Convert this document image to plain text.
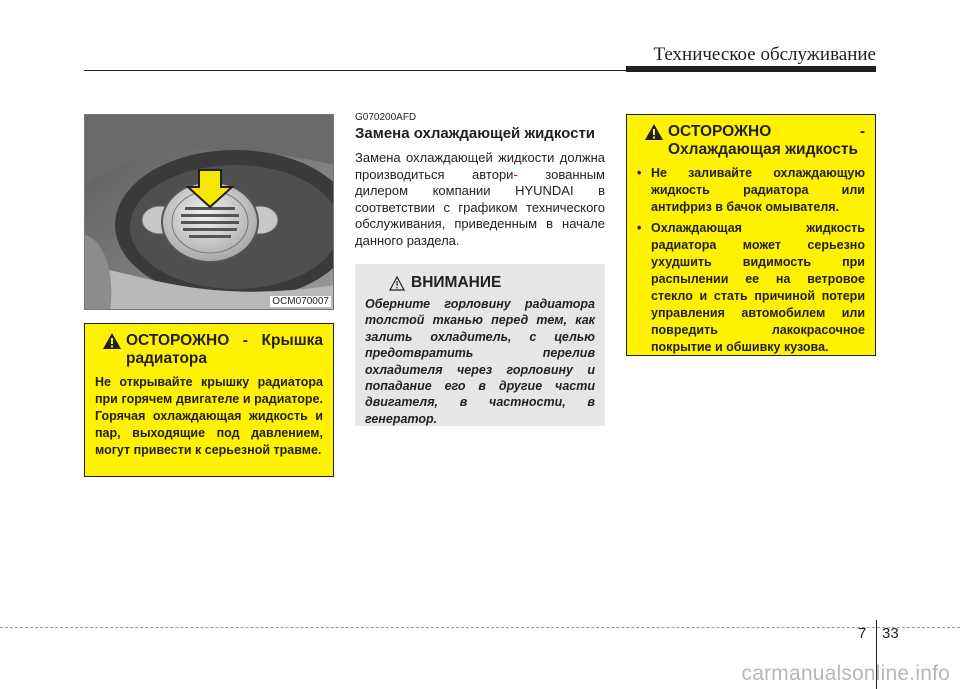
Техническое обслуживание
OCM070007
ОСТОРОЖНО - Крышка радиатора
Не открывайте крышку радиатора при горячем двигателе и радиаторе. Горячая охлаждающая жидкость и пар, выходящие под давлением, могут привести к серьезной травме.
G070200AFD
Замена охлаждающей жидкости
Замена охлаждающей жидкости должна производиться автори- зованным дилером компании HYUNDAI в соответствии с графиком технического обслуживания, приведенным в начале данного раздела.
ВНИМАНИЕ
Оберните горловину радиатора толстой тканью перед тем, как залить охладитель, с целью предотвратить перелив охладителя через горловину и попадание его в другие части двигателя, в частности, в генератор.
ОСТОРОЖНО - Охлаждающая жидкость
• Не заливайте охлаждающую жидкость радиатора или антифриз в бачок омывателя.
• Охлаждающая жидкость радиатора может серьезно ухудшить видимость при распылении ее на ветровое стекло и стать причиной потери управления автомобилем или повредить лакокрасочное покрытие и обшивку кузова.
7 33
carmanualsonline.info
